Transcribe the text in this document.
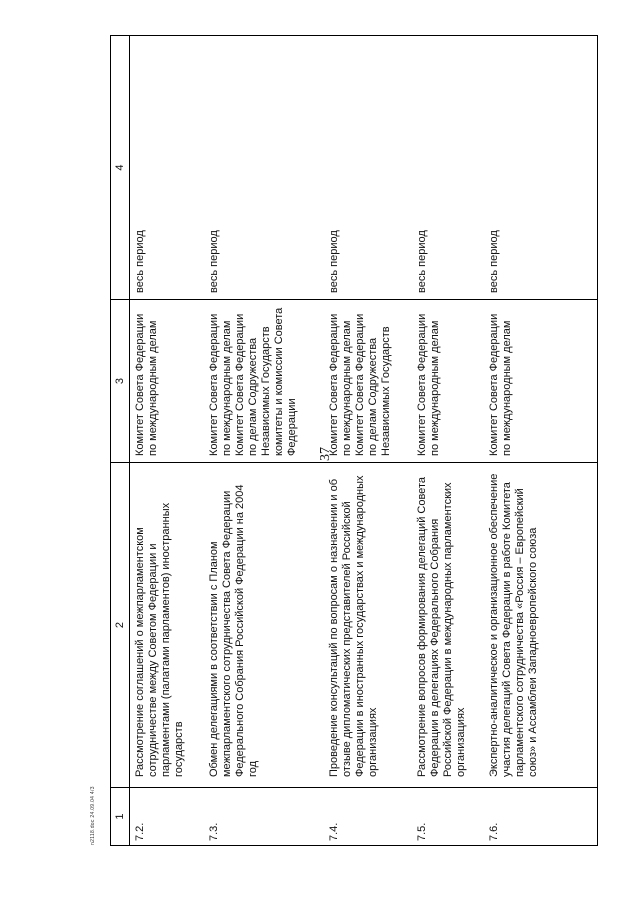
37
n2118.doc 24.09.04 4/3 1	2	3	4
7.2.	Рассмотрение соглашений о межпарламентском сотрудничестве между Советом Федерации и парламентами (палатами парламентов) иностранных государств	Комитет Совета Федерации по международным делам	весь период
7.3.	Обмен делегациями в соответствии с Планом межпарламентского сотрудничества Совета Федерации Федерального Собрания Российской Федерации на 2004 год	Комитет Совета Федерации по международным делам Комитет Совета Федерации по делам Содружества Независимых Государств комитеты и комиссии Совета Федерации	весь период
7.4.	Проведение консультаций по вопросам о назначении и об отзыве дипломатических представителей Российской Федерации в иностранных государствах и международных организациях	Комитет Совета Федерации по международным делам Комитет Совета Федерации по делам Содружества Независимых Государств	весь период
7.5.	Рассмотрение вопросов формирования делегаций Совета Федерации в делегациях Федерального Собрания Российской Федерации в международных парламентских организациях	Комитет Совета Федерации по международным делам	весь период
7.6.	Экспертно-аналитическое и организационное обеспечение участия делегаций Совета Федерации в работе Комитета парламентского сотрудничества «Россия – Европейский союз» и Ассамблеи Западноевропейского союза	Комитет Совета Федерации по международным делам	весь период
